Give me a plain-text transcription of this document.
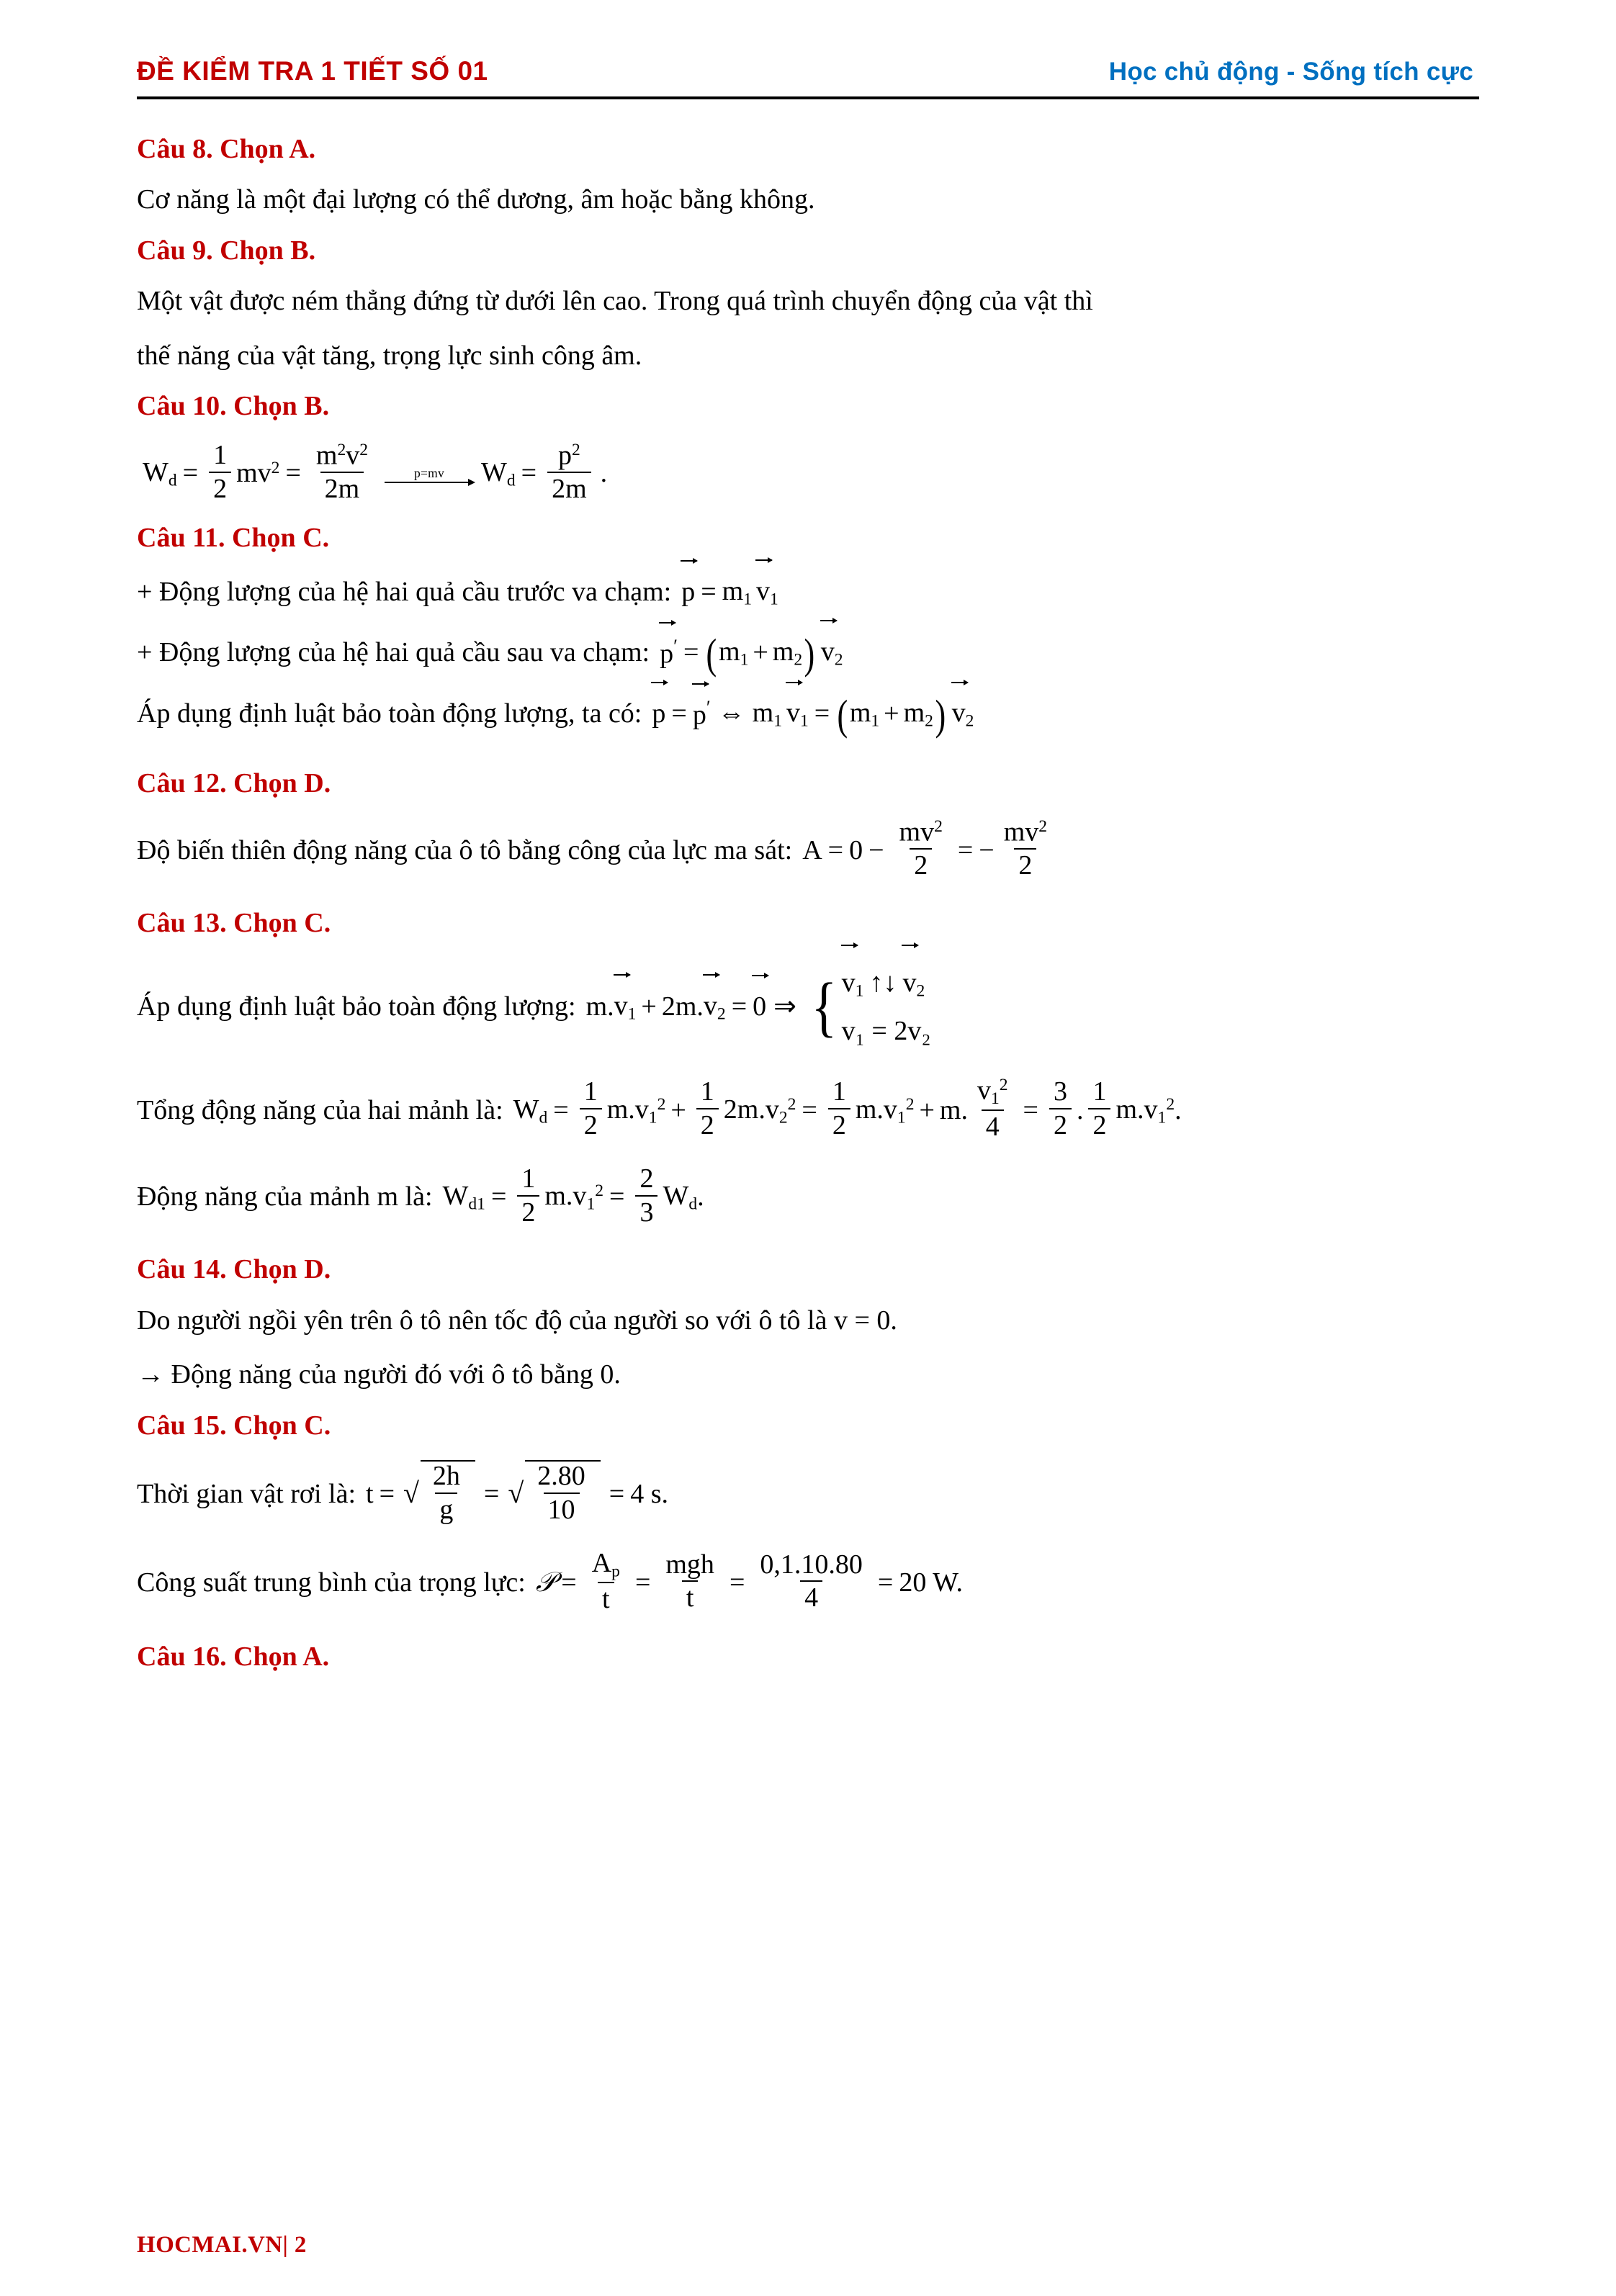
ĐỀ KIỂM TRA 1 TIẾT SỐ 01	Học chủ động - Sống tích cực
Câu 8. Chọn A.
Cơ năng là một đại lượng có thể dương, âm hoặc bằng không.
Câu 9. Chọn B.
Một vật được ném thẳng đứng từ dưới lên cao. Trong quá trình chuyển động của vật thì
thế năng của vật tăng, trọng lực sinh công âm.
Câu 10. Chọn B.
$W_d = \frac{1}{2} mv^2 = \frac{m^2v^2}{2m}$	p=mv $W_d = \frac{p^2}{2m}$ .
Câu 11. Chọn C.
+ Động lượng của hệ hai quả cầu trước va chạm: $p = m_1$ $v_1$
+ Động lượng của hệ hai quả cầu sau va chạm: p′ = ( $m_1 + m_2$ ) $v_2$
Áp dụng định luật bảo toàn động lượng, ta có: p = p′ ⇔ $m_1$ $v_1$ = ( $m_1 + m_2$ ) $v_2$
Câu 12. Chọn D.
Độ biến thiên động năng của ô tô bằng công của lực ma sát: $A = 0 - \frac{mv^2}{2}$ = − $\frac{mv^2}{2}$
Câu 13. Chọn C.
Áp dụng định luật bảo toàn động lượng: m. $v_1 + 2m$. $v_2 = 0$ ⇒ { $v_1$ ↑↓ $v_2$
v₁ = 2v₂
Tổng động năng của hai mảnh là: $W_d = \frac{1}{2} m.v_1^2 + \frac{1}{2} 2m.v_2^2 = \frac{1}{2} m.v_1^2 + m$. $\frac{v_1^2}{4} = \frac{3}{2}$ . $\frac{1}{2} m.v_1^2$ .
Động năng của mảnh m là: $W_{d1} = \frac{1}{2} m.v_1^2 = \frac{2}{3} W_d$ .
Câu 14. Chọn D.
Do người ngồi yên trên ô tô nên tốc độ của người so với ô tô là v = 0.
→ Động năng của người đó với ô tô bằng 0.
Câu 15. Chọn C.
Thời gian vật rơi là: t = √ $\frac{2h}{g}$ = √ $\frac{2.80}{10} = 4$ s.
Công suất trung bình của trọng lực: 𝒫 = $\frac{A_p}{t} = \frac{\text{mgh}}{t} = \frac{0,1.10.80}{4} = 20$ W.
Câu 16. Chọn A.
HOCMAI.VN| 2
